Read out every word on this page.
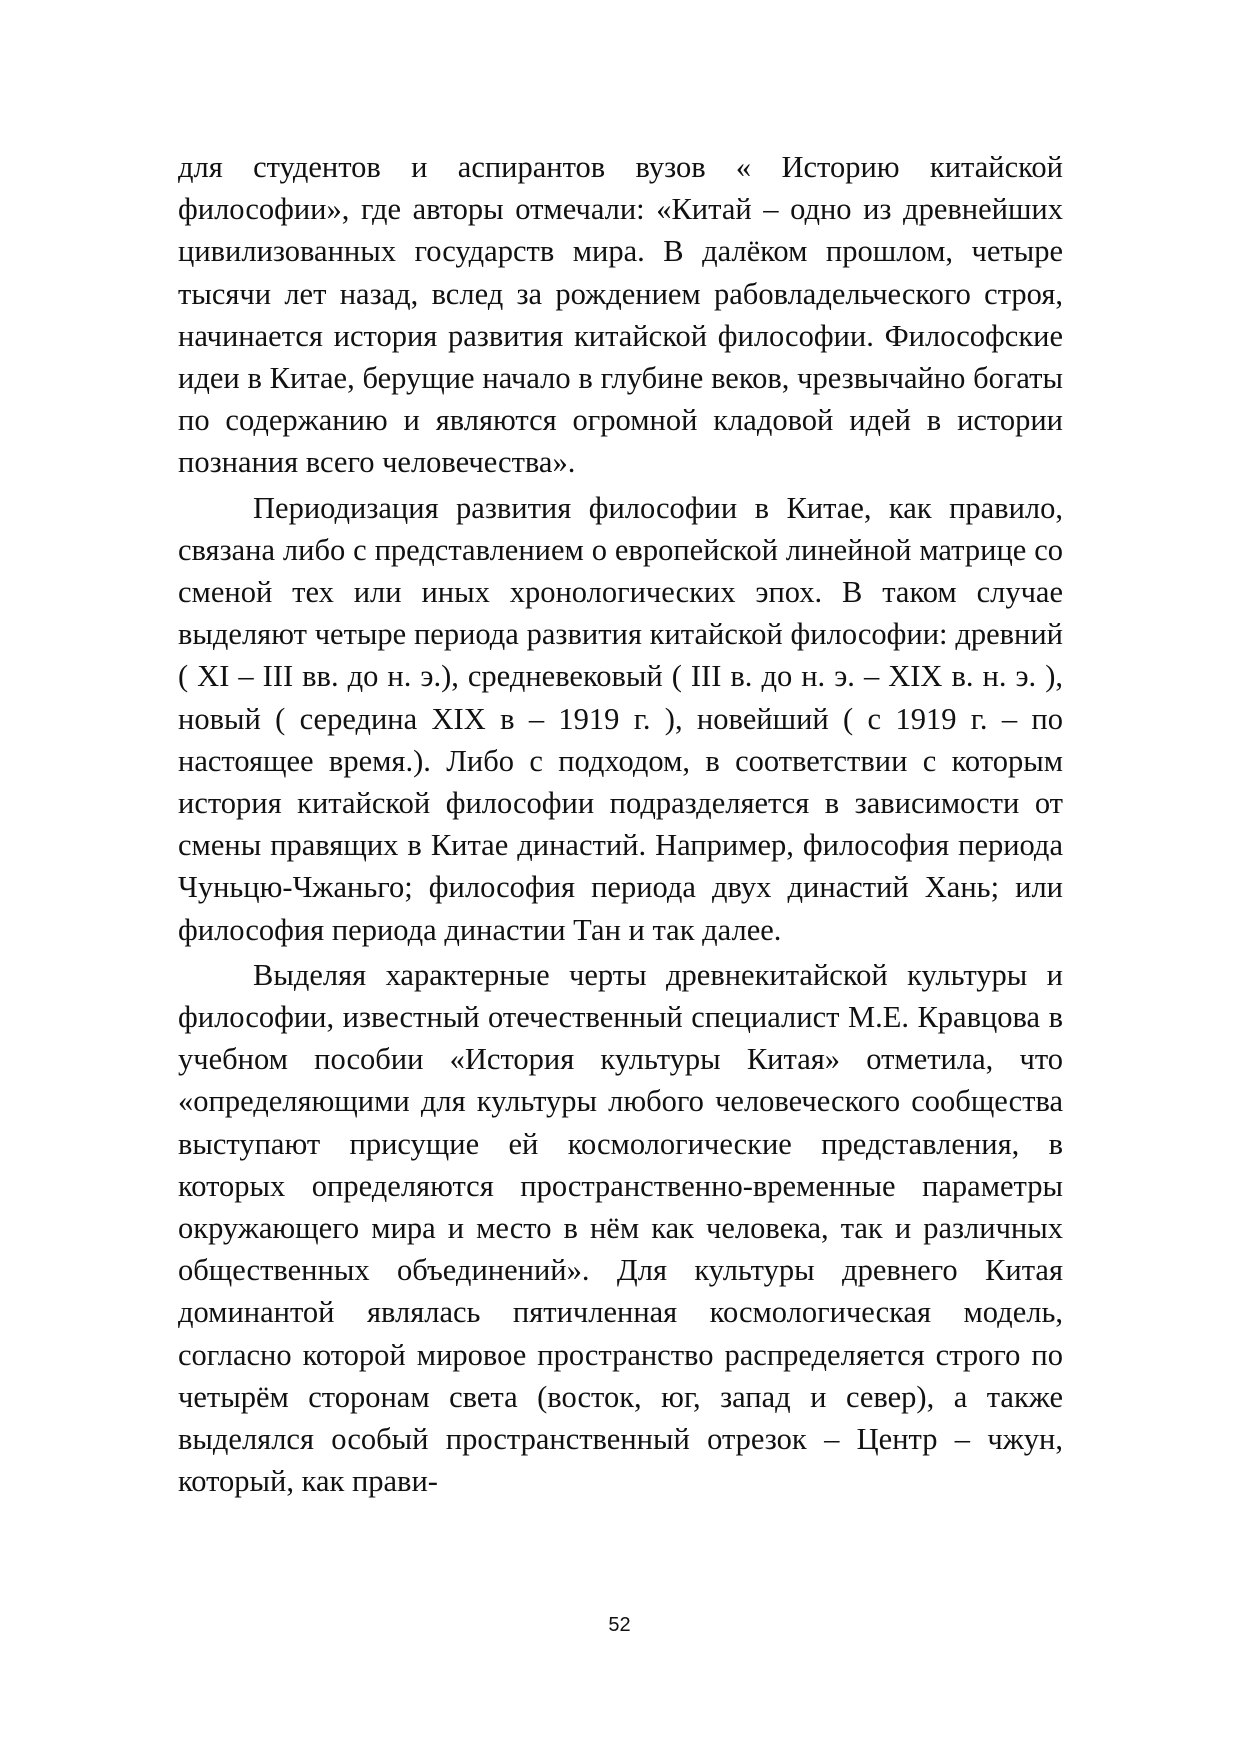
для студентов и аспирантов вузов « Историю китайской философии», где авторы отмечали: «Китай – одно из древнейших цивилизованных государств мира. В далёком прошлом, четыре тысячи лет назад, вслед за рождением рабовладельческого строя, начинается история развития китайской философии. Философские идеи в Китае, берущие начало в глубине веков, чрезвычайно богаты по содержанию и являются огромной кладовой идей в истории познания всего человечества».

Периодизация развития философии в Китае, как правило, связана либо с представлением о европейской линейной матрице со сменой тех или иных хронологических эпох. В таком случае выделяют четыре периода развития китайской философии: древний ( XI – III вв. до н. э.), средневековый ( III в. до н. э. – XIX в. н. э. ), новый ( середина XIX в – 1919 г. ), новейший ( с 1919 г. – по настоящее время.). Либо с подходом, в соответствии с которым история китайской философии подразделяется в зависимости от смены правящих в Китае династий. Например, философия периода Чуньцю-Чжаньго; философия периода двух династий Хань; или философия периода династии Тан и так далее.

Выделяя характерные черты древнекитайской культуры и философии, известный отечественный специалист М.Е. Кравцова в учебном пособии «История культуры Китая» отметила, что «определяющими для культуры любого человеческого сообщества выступают присущие ей космологические представления, в которых определяются пространственно-временные параметры окружающего мира и место в нём как человека, так и различных общественных объединений». Для культуры древнего Китая доминантой являлась пятичленная космологическая модель, согласно которой мировое пространство распределяется строго по четырём сторонам света (восток, юг, запад и север), а также выделялся особый пространственный отрезок – Центр – чжун, который, как прави-

52
